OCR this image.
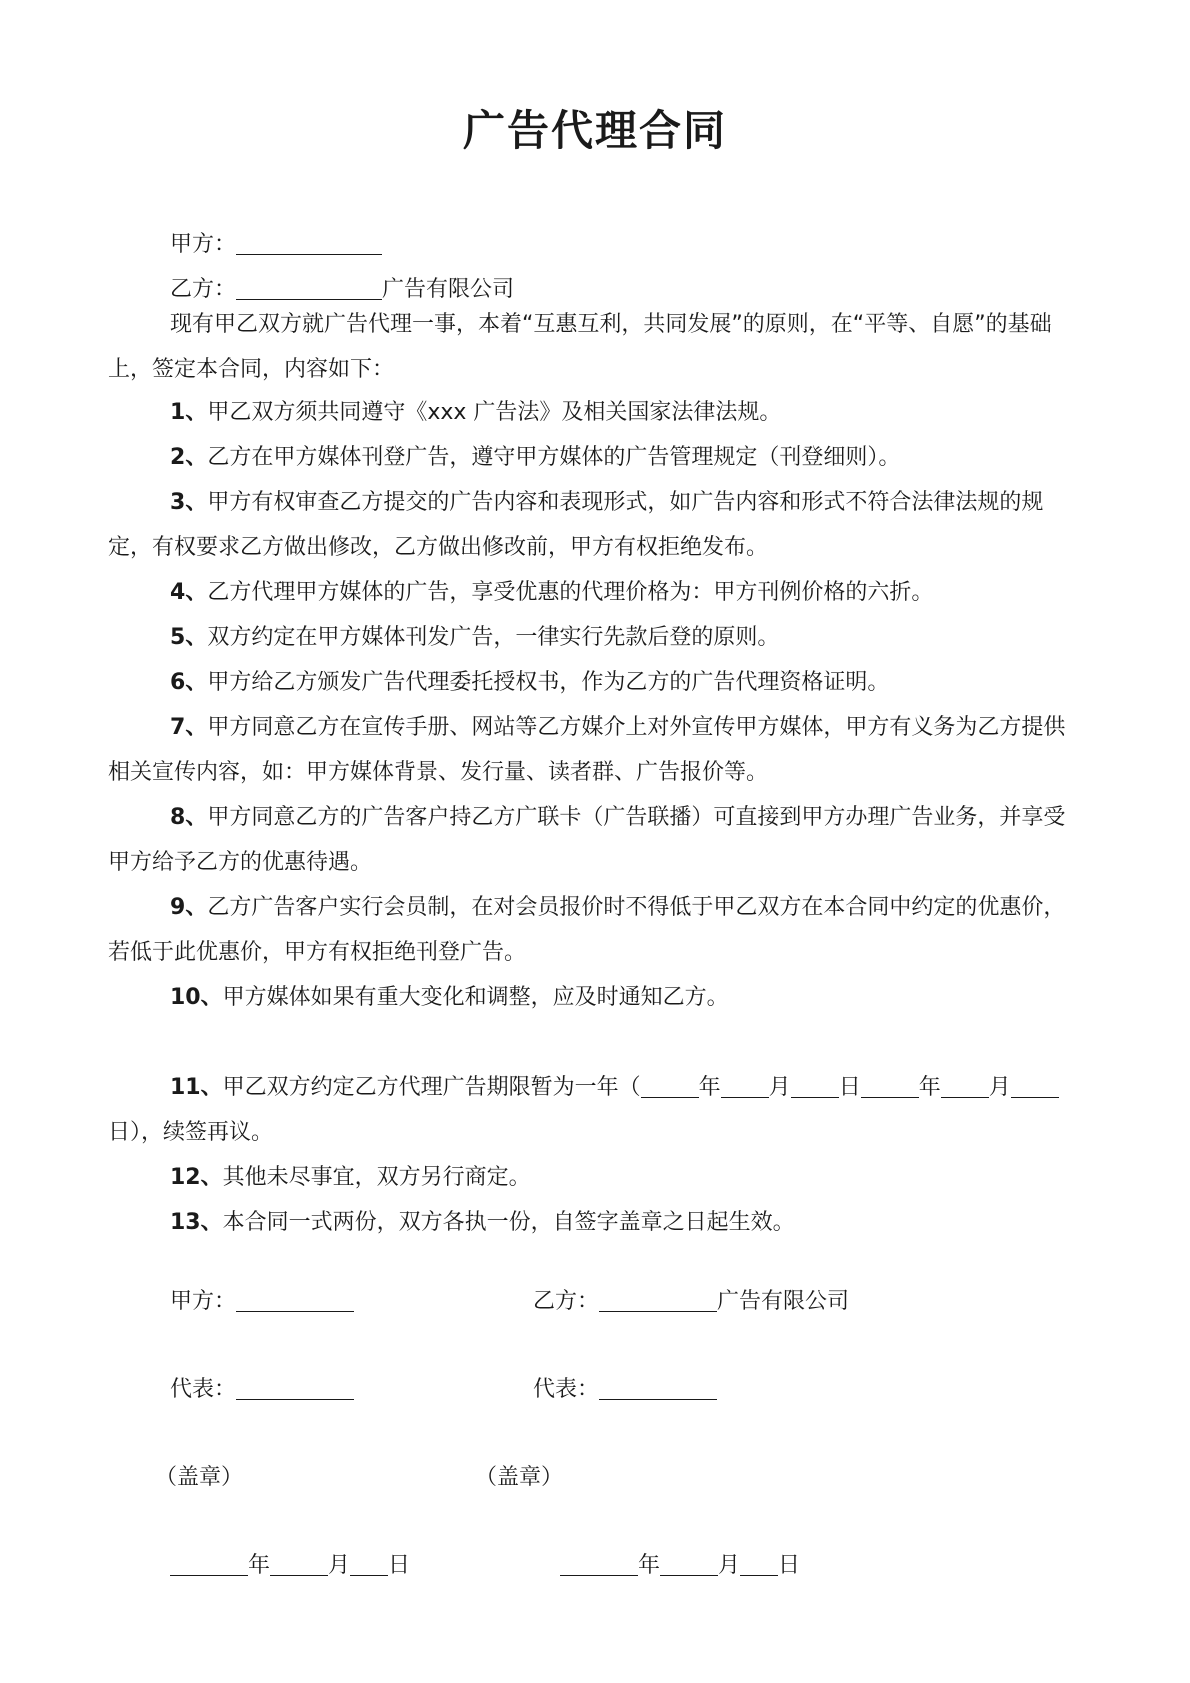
广告代理合同
甲方：
乙方：	广告有限公司
现有甲乙双方就广告代理一事，本着“互惠互利，共同发展”的原则，在“平等、自愿”的基础上，签定本合同，内容如下：
1、甲乙双方须共同遵守《xxx 广告法》及相关国家法律法规。
2、乙方在甲方媒体刊登广告，遵守甲方媒体的广告管理规定（刊登细则）。
3、甲方有权审查乙方提交的广告内容和表现形式，如广告内容和形式不符合法律法规的规定，有权要求乙方做出修改，乙方做出修改前，甲方有权拒绝发布。
4、乙方代理甲方媒体的广告，享受优惠的代理价格为：甲方刊例价格的六折。
5、双方约定在甲方媒体刊发广告，一律实行先款后登的原则。
6、甲方给乙方颁发广告代理委托授权书，作为乙方的广告代理资格证明。
7、甲方同意乙方在宣传手册、网站等乙方媒介上对外宣传甲方媒体，甲方有义务为乙方提供相关宣传内容，如：甲方媒体背景、发行量、读者群、广告报价等。
8、甲方同意乙方的广告客户持乙方广联卡（广告联播）可直接到甲方办理广告业务，并享受甲方给予乙方的优惠待遇。
9、乙方广告客户实行会员制，在对会员报价时不得低于甲乙双方在本合同中约定的优惠价，若低于此优惠价，甲方有权拒绝刊登广告。
10、甲方媒体如果有重大变化和调整，应及时通知乙方。
11、甲乙双方约定乙方代理广告期限暂为一年（	年 月 日	年 月
日），续签再议。
12、其他未尽事宜，双方另行商定。
13、本合同一式两份，双方各执一份，自签字盖章之日起生效。
甲方：	乙方：	广告有限公司
代表：	代表：
（盖章）	（盖章）
年	月 日	年	月 日
